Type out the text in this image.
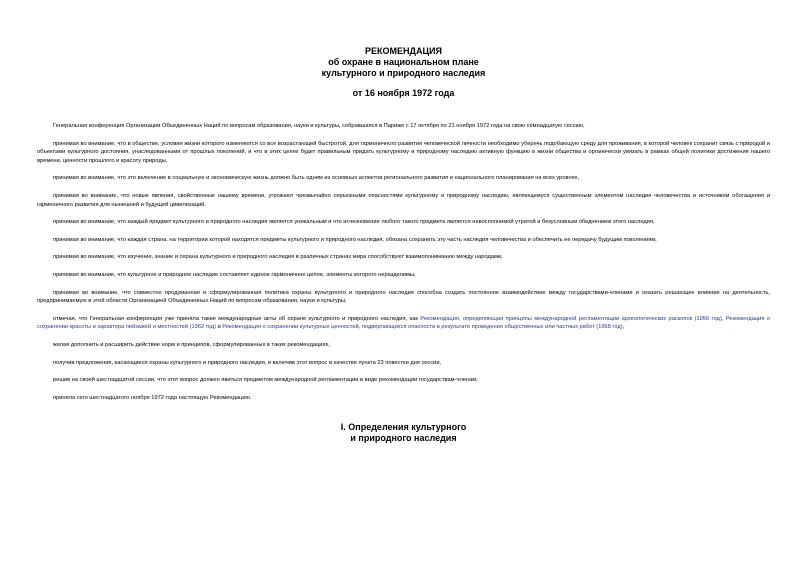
РЕКОМЕНДАЦИЯ
об охране в национальном плане
культурного и природного наследия
от 16 ноября 1972 года

Генеральная конференция Организации Объединенных Наций по вопросам образования, науки и культуры, собравшаяся в Париже с 17 октября по 21 ноября 1972 года на свою семнадцатую сессию,

принимая во внимание, что в обществе, условия жизни которого изменяются со все возрастающей быстротой, для гармоничного развития человеческой личности необходимо уберечь подобающую среду для проживания, в которой человек сохранит связь с природой и объектами культурного достояния, унаследованными от прошлых поколений, и что в этих целях будет правильным придать культурному и природному наследию активную функцию в жизни общества и органически увязать в рамках общей политики достижения нашего времени, ценности прошлого и красоту природы,

принимая во внимание, что это включение в социальную и экономическую жизнь должно быть одним из основных аспектов регионального развития и национального планирования на всех уровнях,

принимая во внимание, что новые явления, свойственные нашему времени, угрожают чрезвычайно серьезными опасностями культурному и природному наследию, являющемуся существенным элементом наследия человечества и источником обогащения и гармоничного развития для нынешней и будущей цивилизаций,

принимая во внимание, что каждый предмет культурного и природного наследия является уникальным и что исчезновение любого такого предмета является невосполнимой утратой и безусловным обеднением этого наследия,

принимая во внимание, что каждая страна, на территории которой находятся предметы культурного и природного наследия, обязана сохранить эту часть наследия человечества и обеспечить ее передачу будущим поколениям,

принимая во внимание, что изучение, знание и охрана культурного и природного наследия в различных странах мира способствуют взаимопониманию между народами,

принимая во внимание, что культурное и природное наследие составляет единое гармоничное целое, элементы которого неразделимы,

принимая во внимание, что совместно продуманная и сформулированная политика охраны культурного и природного наследия способна создать постоянное взаимодействие между государствами-членами и оказать решающее влияние на деятельность, предпринимаемую в этой области Организацией Объединенных Наций по вопросам образования, науки и культуры,

отмечая, что Генеральная конференция уже приняла такие международные акты об охране культурного и природного наследия, как Рекомендация, определяющая принципы международной регламентации археологических раскопок (1956 год), Рекомендация о сохранении красоты и характера пейзажей и местностей (1962 год) и Рекомендация о сохранении культурных ценностей, подвергающихся опасности в результате проведения общественных или частных работ (1968 год),

желая дополнить и расширить действие норм и принципов, сформулированных в таких рекомендациях,

получив предложения, касающиеся охраны культурного и природного наследия, и включив этот вопрос в качестве пункта 23 повестки дня сессии,

решив на своей шестнадцатой сессии, что этот вопрос должен явиться предметом международной регламентации в виде рекомендации государствам-членам,

приняла сего шестнадцатого ноября 1972 года настоящую Рекомендацию.

I. Определения культурного
и природного наследия
